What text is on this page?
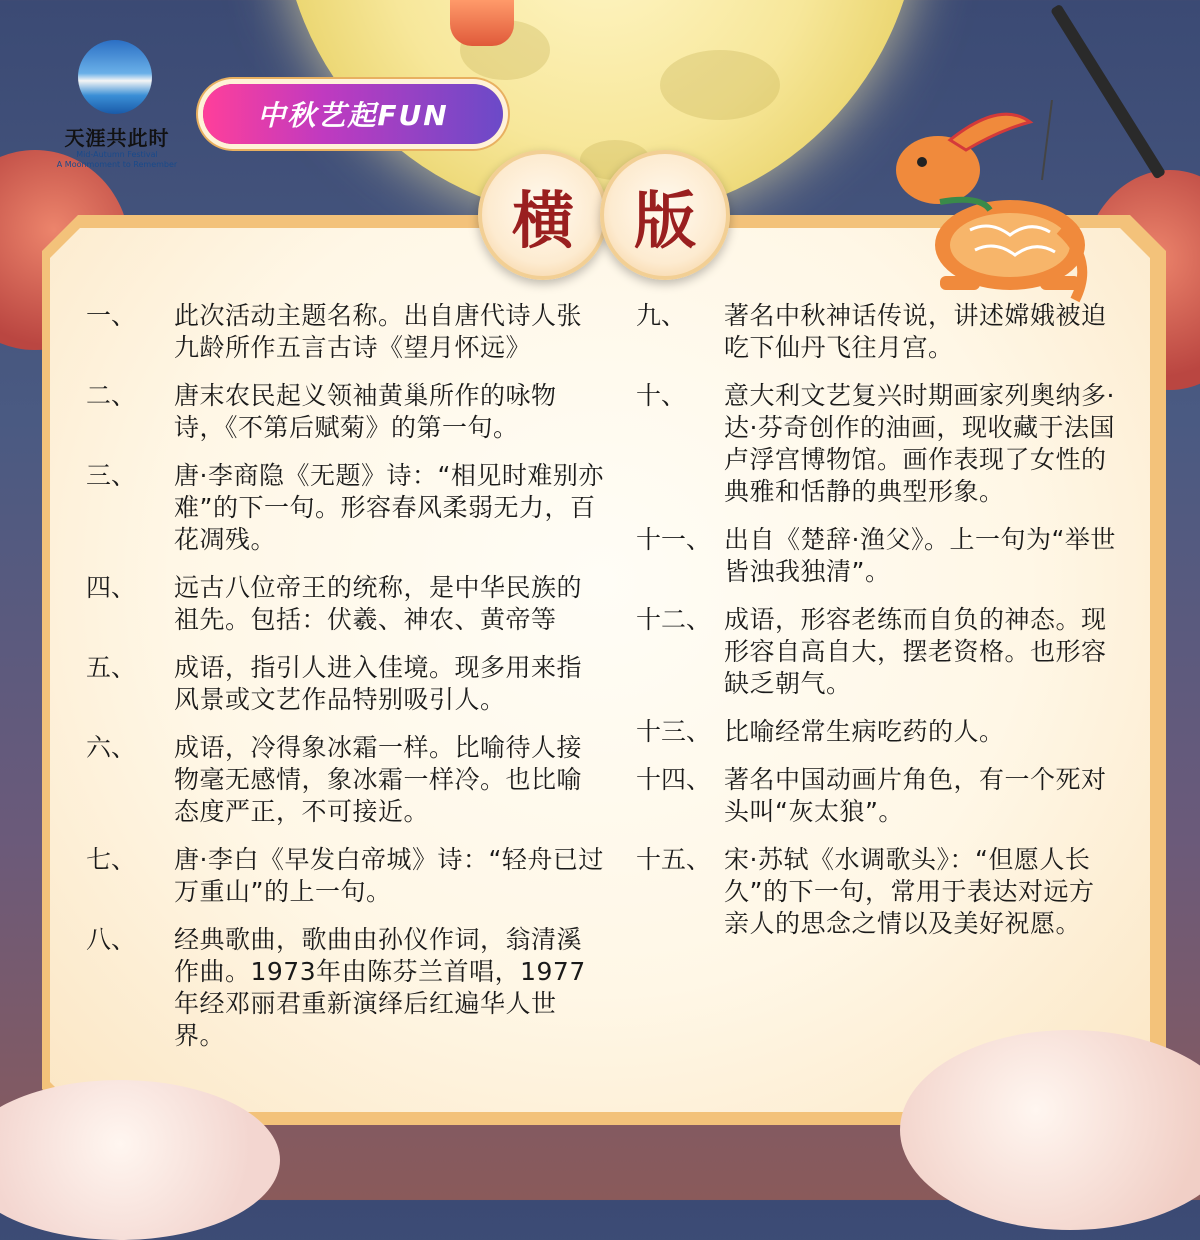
天涯共此时
Mid-Autumn Festival
A Moonmoment to Remember
中秋艺起FUN
横 版
一、	此次活动主题名称。出自唐代诗人张九龄所作五言古诗《望月怀远》
二、	唐末农民起义领袖黄巢所作的咏物诗，《不第后赋菊》的第一句。
三、	唐·李商隐《无题》诗：“相见时难别亦难”的下一句。形容春风柔弱无力，百花凋残。
四、	远古八位帝王的统称，是中华民族的祖先。包括：伏羲、神农、黄帝等
五、	成语，指引人进入佳境。现多用来指风景或文艺作品特别吸引人。
六、	成语，冷得象冰霜一样。比喻待人接物毫无感情，象冰霜一样冷。也比喻态度严正，不可接近。
七、	唐·李白《早发白帝城》诗：“轻舟已过万重山”的上一句。
八、	经典歌曲，歌曲由孙仪作词，翁清溪作曲。1973年由陈芬兰首唱，1977年经邓丽君重新演绎后红遍华人世界。
九、	著名中秋神话传说，讲述嫦娥被迫吃下仙丹飞往月宫。
十、	意大利文艺复兴时期画家列奥纳多·达·芬奇创作的油画，现收藏于法国卢浮宫博物馆。画作表现了女性的典雅和恬静的典型形象。
十一、 出自《楚辞·渔父》。上一句为“举世皆浊我独清”。
十二、 成语，形容老练而自负的神态。现形容自高自大，摆老资格。也形容缺乏朝气。
十三、 比喻经常生病吃药的人。
十四、 著名中国动画片角色，有一个死对头叫“灰太狼”。
十五、 宋·苏轼《水调歌头》：“但愿人长久”的下一句，常用于表达对远方亲人的思念之情以及美好祝愿。
